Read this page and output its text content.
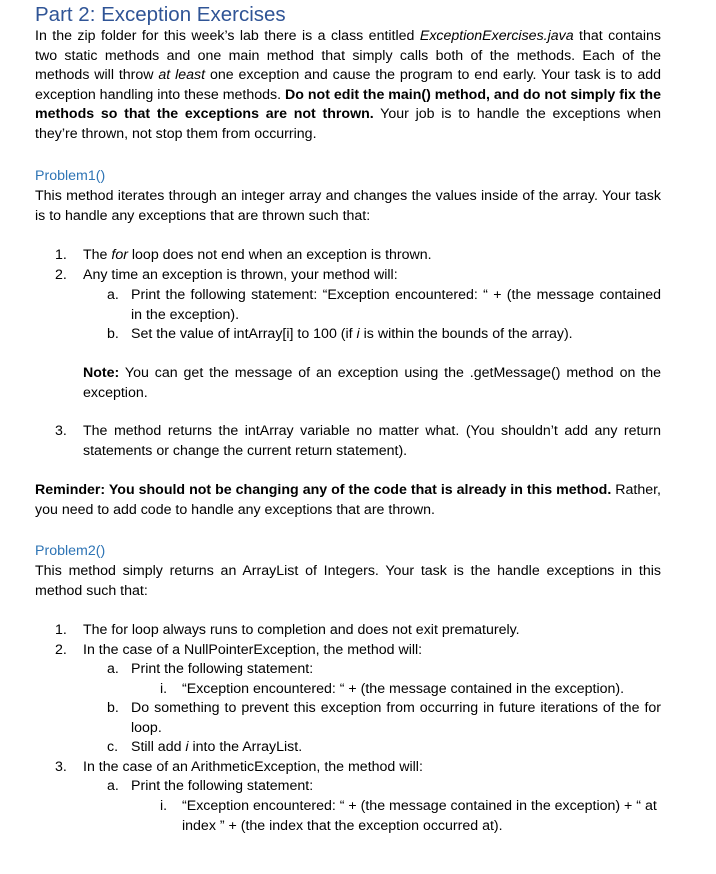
Part 2: Exception Exercises
In the zip folder for this week’s lab there is a class entitled ExceptionExercises.java that contains two static methods and one main method that simply calls both of the methods. Each of the methods will throw at least one exception and cause the program to end early. Your task is to add exception handling into these methods. Do not edit the main() method, and do not simply fix the methods so that the exceptions are not thrown. Your job is to handle the exceptions when they’re thrown, not stop them from occurring.
Problem1()
This method iterates through an integer array and changes the values inside of the array. Your task is to handle any exceptions that are thrown such that:
1.	The for loop does not end when an exception is thrown.
2.	Any time an exception is thrown, your method will:
a. Print the following statement: “Exception encountered: “ + (the message contained in the exception).
b. Set the value of intArray[i] to 100 (if i is within the bounds of the array).
Note: You can get the message of an exception using the .getMessage() method on the exception.
3.	The method returns the intArray variable no matter what. (You shouldn’t add any return statements or change the current return statement).
Reminder: You should not be changing any of the code that is already in this method. Rather, you need to add code to handle any exceptions that are thrown.
Problem2()
This method simply returns an ArrayList of Integers. Your task is the handle exceptions in this method such that:
1.	The for loop always runs to completion and does not exit prematurely.
2.	In the case of a NullPointerException, the method will:
a. Print the following statement:
i.	“Exception encountered: “ + (the message contained in the exception).
b. Do something to prevent this exception from occurring in future iterations of the for loop.
c. Still add i into the ArrayList.
3.	In the case of an ArithmeticException, the method will:
a. Print the following statement:
i.	“Exception encountered: “ + (the message contained in the exception) + “ at index ” + (the index that the exception occurred at).
